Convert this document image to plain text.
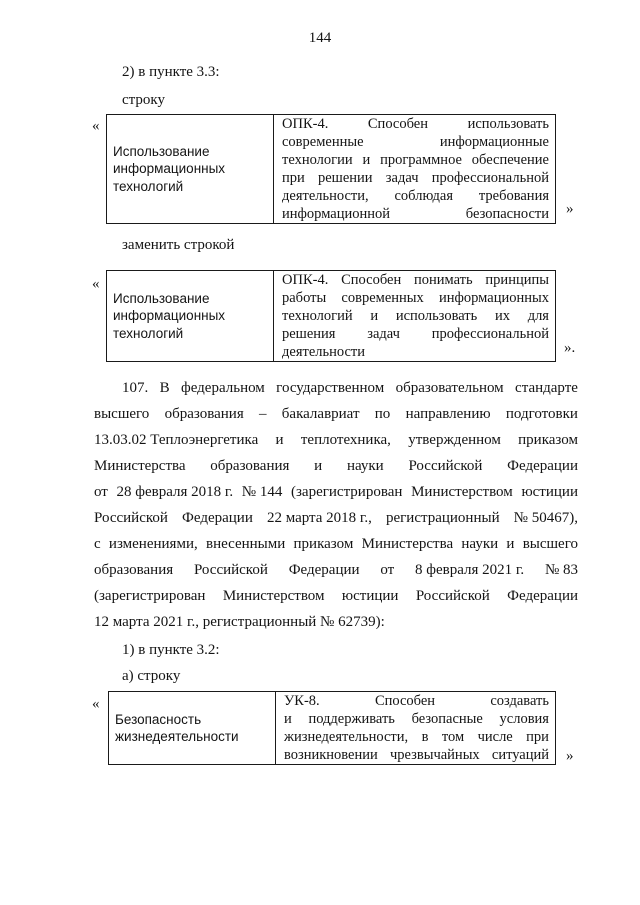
144
2) в пункте 3.3:
строку
«
Использование
информационных
технологий

ОПК-4.	Способен	использовать
современные	информационные
технологии и программное обеспечение
при решении задач профессиональной
деятельности, соблюдая требования
информационной безопасности »
заменить строкой
«
Использование
информационных
технологий

ОПК-4. Способен понимать принципы
работы современных информационных
технологий и использовать их для
решения задач профессиональной
деятельности	».
107. В федеральном государственном образовательном стандарте
высшего образования – бакалавриат по направлению подготовки
13.03.02 Теплоэнергетика и теплотехника, утвержденном приказом
Министерства образования и науки Российской Федерации
от 28 февраля 2018 г. № 144 (зарегистрирован Министерством юстиции
Российской Федерации 22 марта 2018 г., регистрационный № 50467),
с изменениями, внесенными приказом Министерства науки и высшего
образования Российской Федерации от 8 февраля 2021 г. № 83
(зарегистрирован Министерством юстиции Российской Федерации
12 марта 2021 г., регистрационный № 62739):
1) в пункте 3.2:
а) строку
«
Безопасность
жизнедеятельности

УК-8.	Способен	создавать
и поддерживать безопасные условия
жизнедеятельности, в том числе при
возникновении чрезвычайных ситуаций »
